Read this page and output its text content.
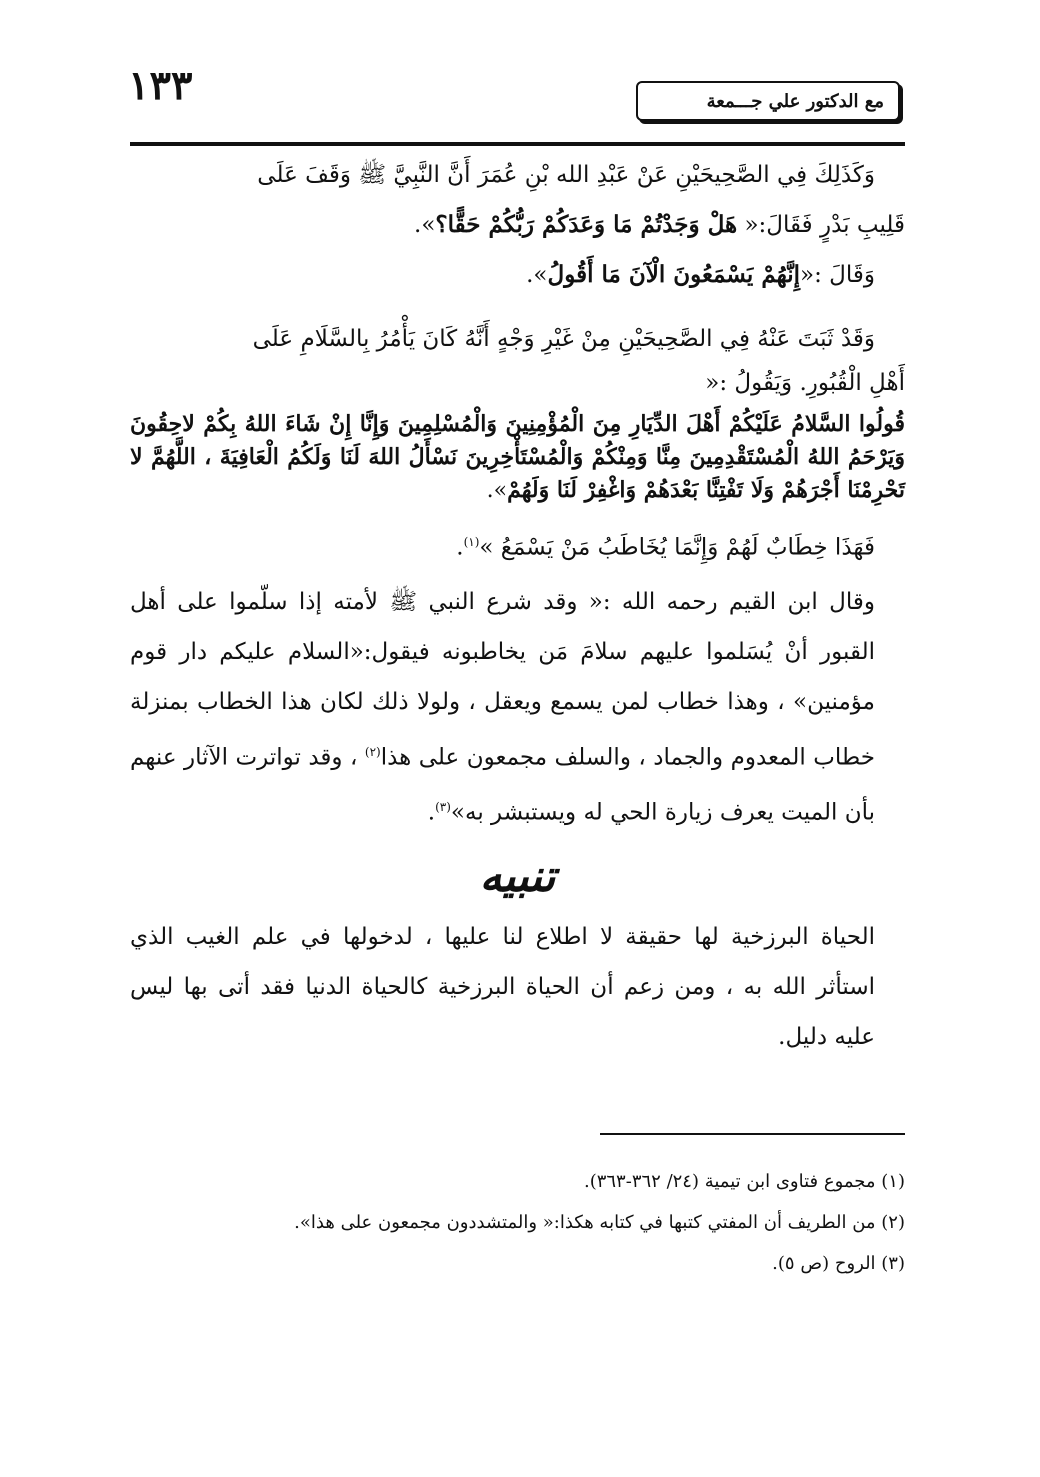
١٣٣	مع الدكتور علي جـــمعة

وَكَذَلِكَ فِي الصَّحِيحَيْنِ عَنْ عَبْدِ الله بْنِ عُمَرَ أَنَّ النَّبِيَّ ﷺ وَقَفَ عَلَى

قَلِيبِ بَدْرٍ فَقَالَ:« هَلْ وَجَدْتُمْ مَا وَعَدَكُمْ رَبُّكُمْ حَقًّا؟».

وَقَالَ :«إِنَّهُمْ يَسْمَعُونَ الْآنَ مَا أَقُولُ».

وَقَدْ ثَبَتَ عَنْهُ فِي الصَّحِيحَيْنِ مِنْ غَيْرِ وَجْهٍ أَنَّهُ كَانَ يَأْمُرُ بِالسَّلَامِ عَلَى

أَهْلِ الْقُبُورِ. وَيَقُولُ :«

قُولُوا السَّلامُ عَلَيْكُمْ أَهْلَ الدِّيَارِ مِنَ الْمُؤْمِنِينَ وَالْمُسْلِمِينَ وَإِنَّا إِنْ شَاءَ اللهُ بِكُمْ لاحِقُونَ وَيَرْحَمُ اللهُ الْمُسْتَقْدِمِينَ مِنَّا وَمِنْكُمْ وَالْمُسْتَأْخِرِينَ نَسْأَلُ اللهَ لَنَا وَلَكُمُ الْعَافِيَةَ ، اللَّهُمَّ لا تَحْرِمْنَا أَجْرَهُمْ وَلَا تَفْتِنَّا بَعْدَهُمْ وَاغْفِرْ لَنَا وَلَهُمْ».

فَهَذَا خِطَابٌ لَهُمْ وَإِنَّمَا يُخَاطَبُ مَنْ يَسْمَعُ »$^{(١)}$.

وقال ابن القيم رحمه الله :« وقد شرع النبي ﷺ لأمته إذا سلّموا على أهل القبور أنْ يُسَلموا عليهم سلامَ مَن يخاطبونه فيقول:«السلام عليكم دار قوم مؤمنين» ، وهذا خطاب لمن يسمع ويعقل ، ولولا ذلك لكان هذا الخطاب بمنزلة خطاب المعدوم والجماد ، والسلف مجمعون على هذا$^{(٢)}$ ، وقد تواترت الآثار عنهم بأن الميت يعرف زيارة الحي له ويستبشر به»$^{(٣)}$.

تنبيه

الحياة البرزخية لها حقيقة لا اطلاع لنا عليها ، لدخولها في علم الغيب الذي استأثر الله به ، ومن زعم أن الحياة البرزخية كالحياة الدنيا فقد أتى بها ليس عليه دليل.

(١) مجموع فتاوى ابن تيمية (٢٤/ ٣٦٢-٣٦٣).
(٢) من الطريف أن المفتي كتبها في كتابه هكذا:« والمتشددون مجمعون على هذا».
(٣) الروح (ص ٥).
